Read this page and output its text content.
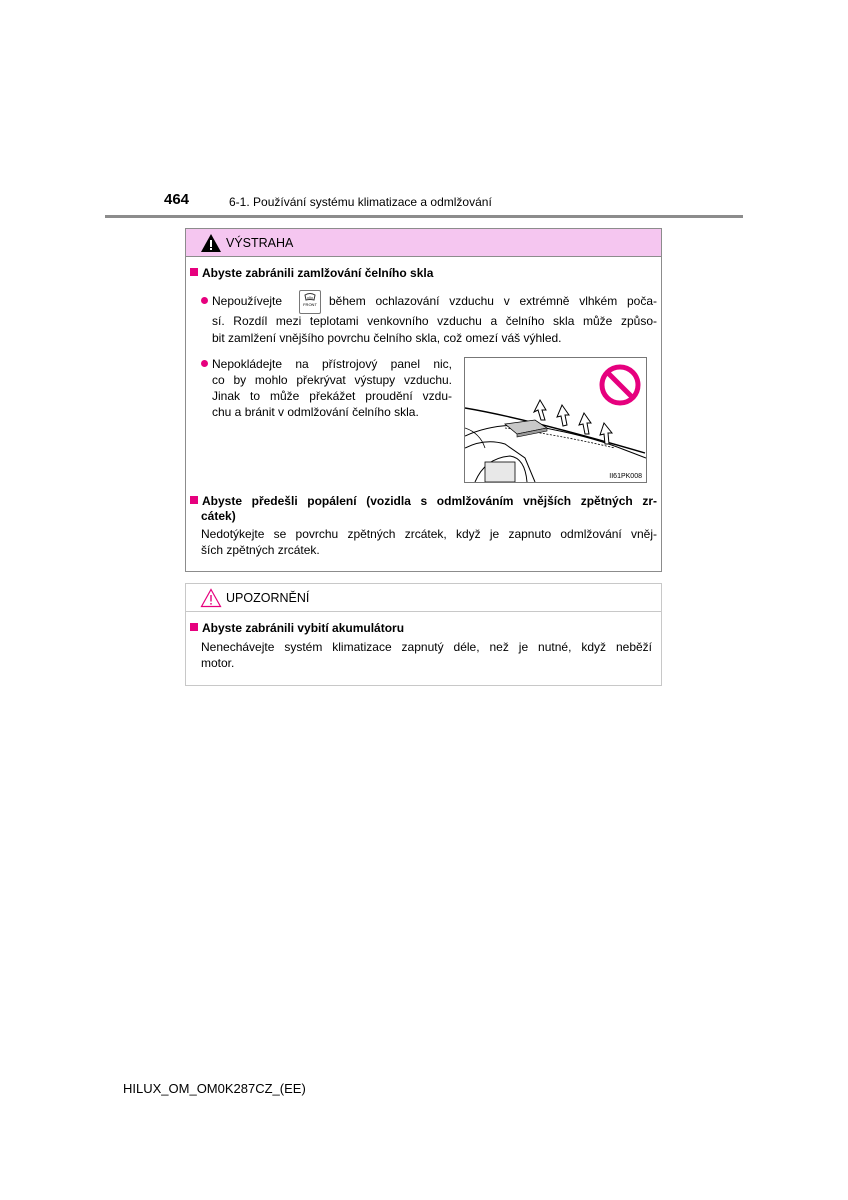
464	6-1. Používání systému klimatizace a odmlžování
VÝSTRAHA
Abyste zabránili zamlžování čelního skla
Nepoužívejte	FRONT během ochlazování vzduchu v extrémně vlhkém poča-
sí. Rozdíl mezi teplotami venkovního vzduchu a čelního skla může způso-
bit zamlžení vnějšího povrchu čelního skla, což omezí váš výhled.
Nepokládejte na přístrojový panel nic,
co by mohlo překrývat výstupy vzduchu.
Jinak to může překážet proudění vzdu-
chu a bránit v odmlžování čelního skla.
II61PK008
Abyste předešli popálení (vozidla s odmlžováním vnějších zpětných zr-
cátek)
Nedotýkejte se povrchu zpětných zrcátek, když je zapnuto odmlžování vněj-
ších zpětných zrcátek.
UPOZORNĚNÍ
Abyste zabránili vybití akumulátoru
Nenechávejte systém klimatizace zapnutý déle, než je nutné, když neběží
motor.
HILUX_OM_OM0K287CZ_(EE)
